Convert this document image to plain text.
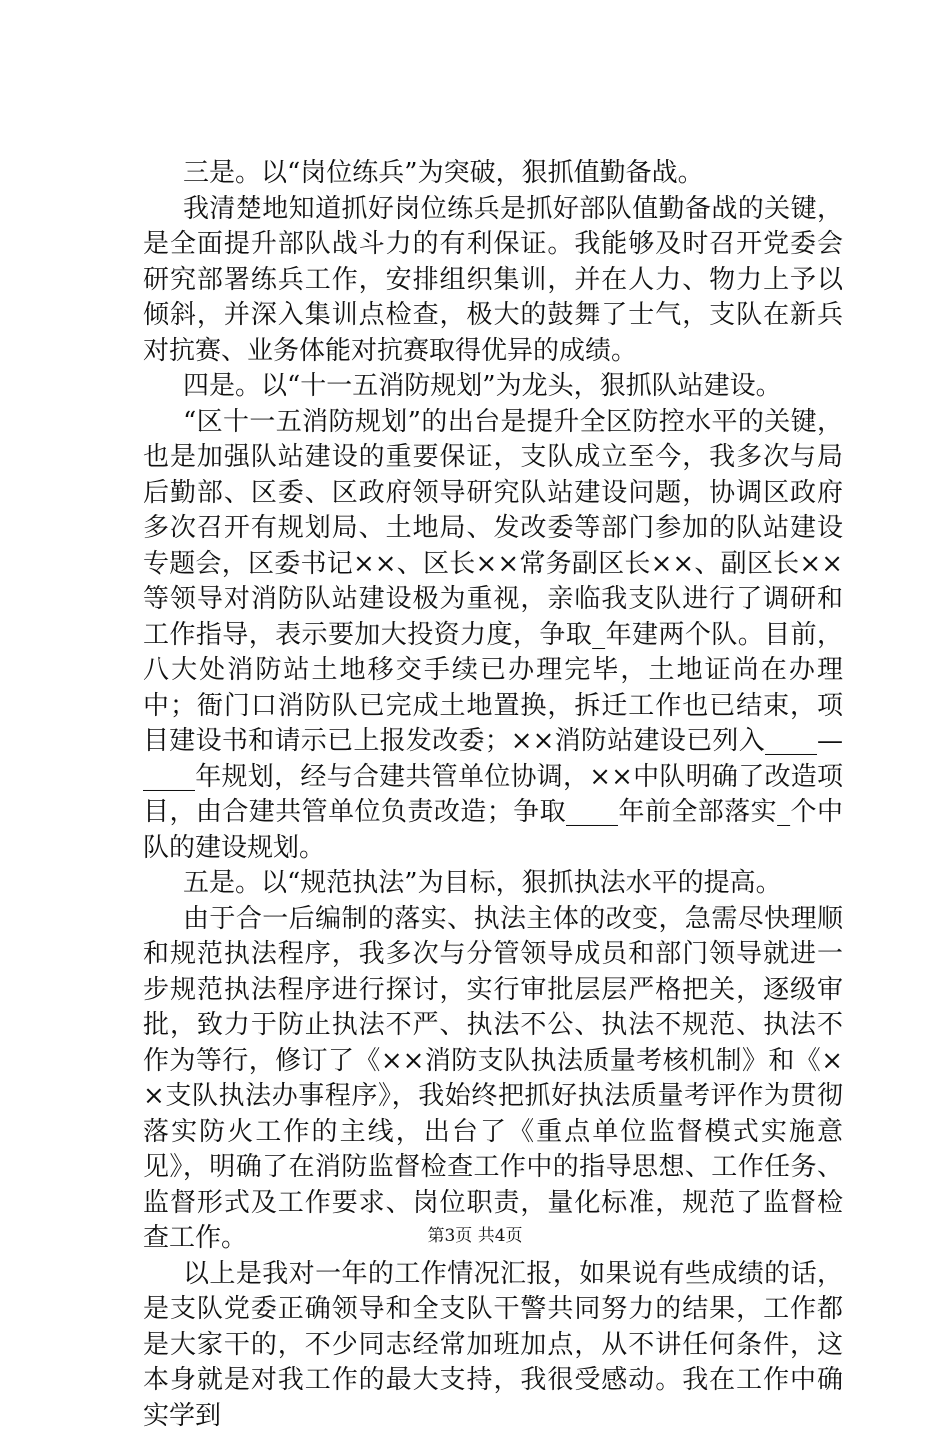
三是。以“岗位练兵”为突破，狠抓值勤备战。

我清楚地知道抓好岗位练兵是抓好部队值勤备战的关键，是全面提升部队战斗力的有利保证。我能够及时召开党委会研究部署练兵工作，安排组织集训，并在人力、物力上予以倾斜，并深入集训点检查，极大的鼓舞了士气，支队在新兵对抗赛、业务体能对抗赛取得优异的成绩。

四是。以“十一五消防规划”为龙头，狠抓队站建设。

“区十一五消防规划”的出台是提升全区防控水平的关键，也是加强队站建设的重要保证，支队成立至今，我多次与局后勤部、区委、区政府领导研究队站建设问题，协调区政府多次召开有规划局、土地局、发改委等部门参加的队站建设专题会，区委书记××、区长××常务副区长××、副区长××等领导对消防队站建设极为重视，亲临我支队进行了调研和工作指导，表示要加大投资力度，争取_年建两个队。目前，八大处消防站土地移交手续已办理完毕，土地证尚在办理中；衙门口消防队已完成土地置换，拆迁工作也已结束，项目建设书和请示已上报发改委；××消防站建设已列入____—____年规划，经与合建共管单位协调，××中队明确了改造项目，由合建共管单位负责改造；争取____年前全部落实_个中队的建设规划。

五是。以“规范执法”为目标，狠抓执法水平的提高。

由于合一后编制的落实、执法主体的改变，急需尽快理顺和规范执法程序，我多次与分管领导成员和部门领导就进一步规范执法程序进行探讨，实行审批层层严格把关，逐级审批，致力于防止执法不严、执法不公、执法不规范、执法不作为等行，修订了《××消防支队执法质量考核机制》和《××支队执法办事程序》，我始终把抓好执法质量考评作为贯彻落实防火工作的主线，出台了《重点单位监督模式实施意见》，明确了在消防监督检查工作中的指导思想、工作任务、监督形式及工作要求、岗位职责，量化标准，规范了监督检查工作。

以上是我对一年的工作情况汇报，如果说有些成绩的话，是支队党委正确领导和全支队干警共同努力的结果，工作都是大家干的，不少同志经常加班加点，从不讲任何条件，这本身就是对我工作的最大支持，我很受感动。我在工作中确实学到

第3页 共4页
